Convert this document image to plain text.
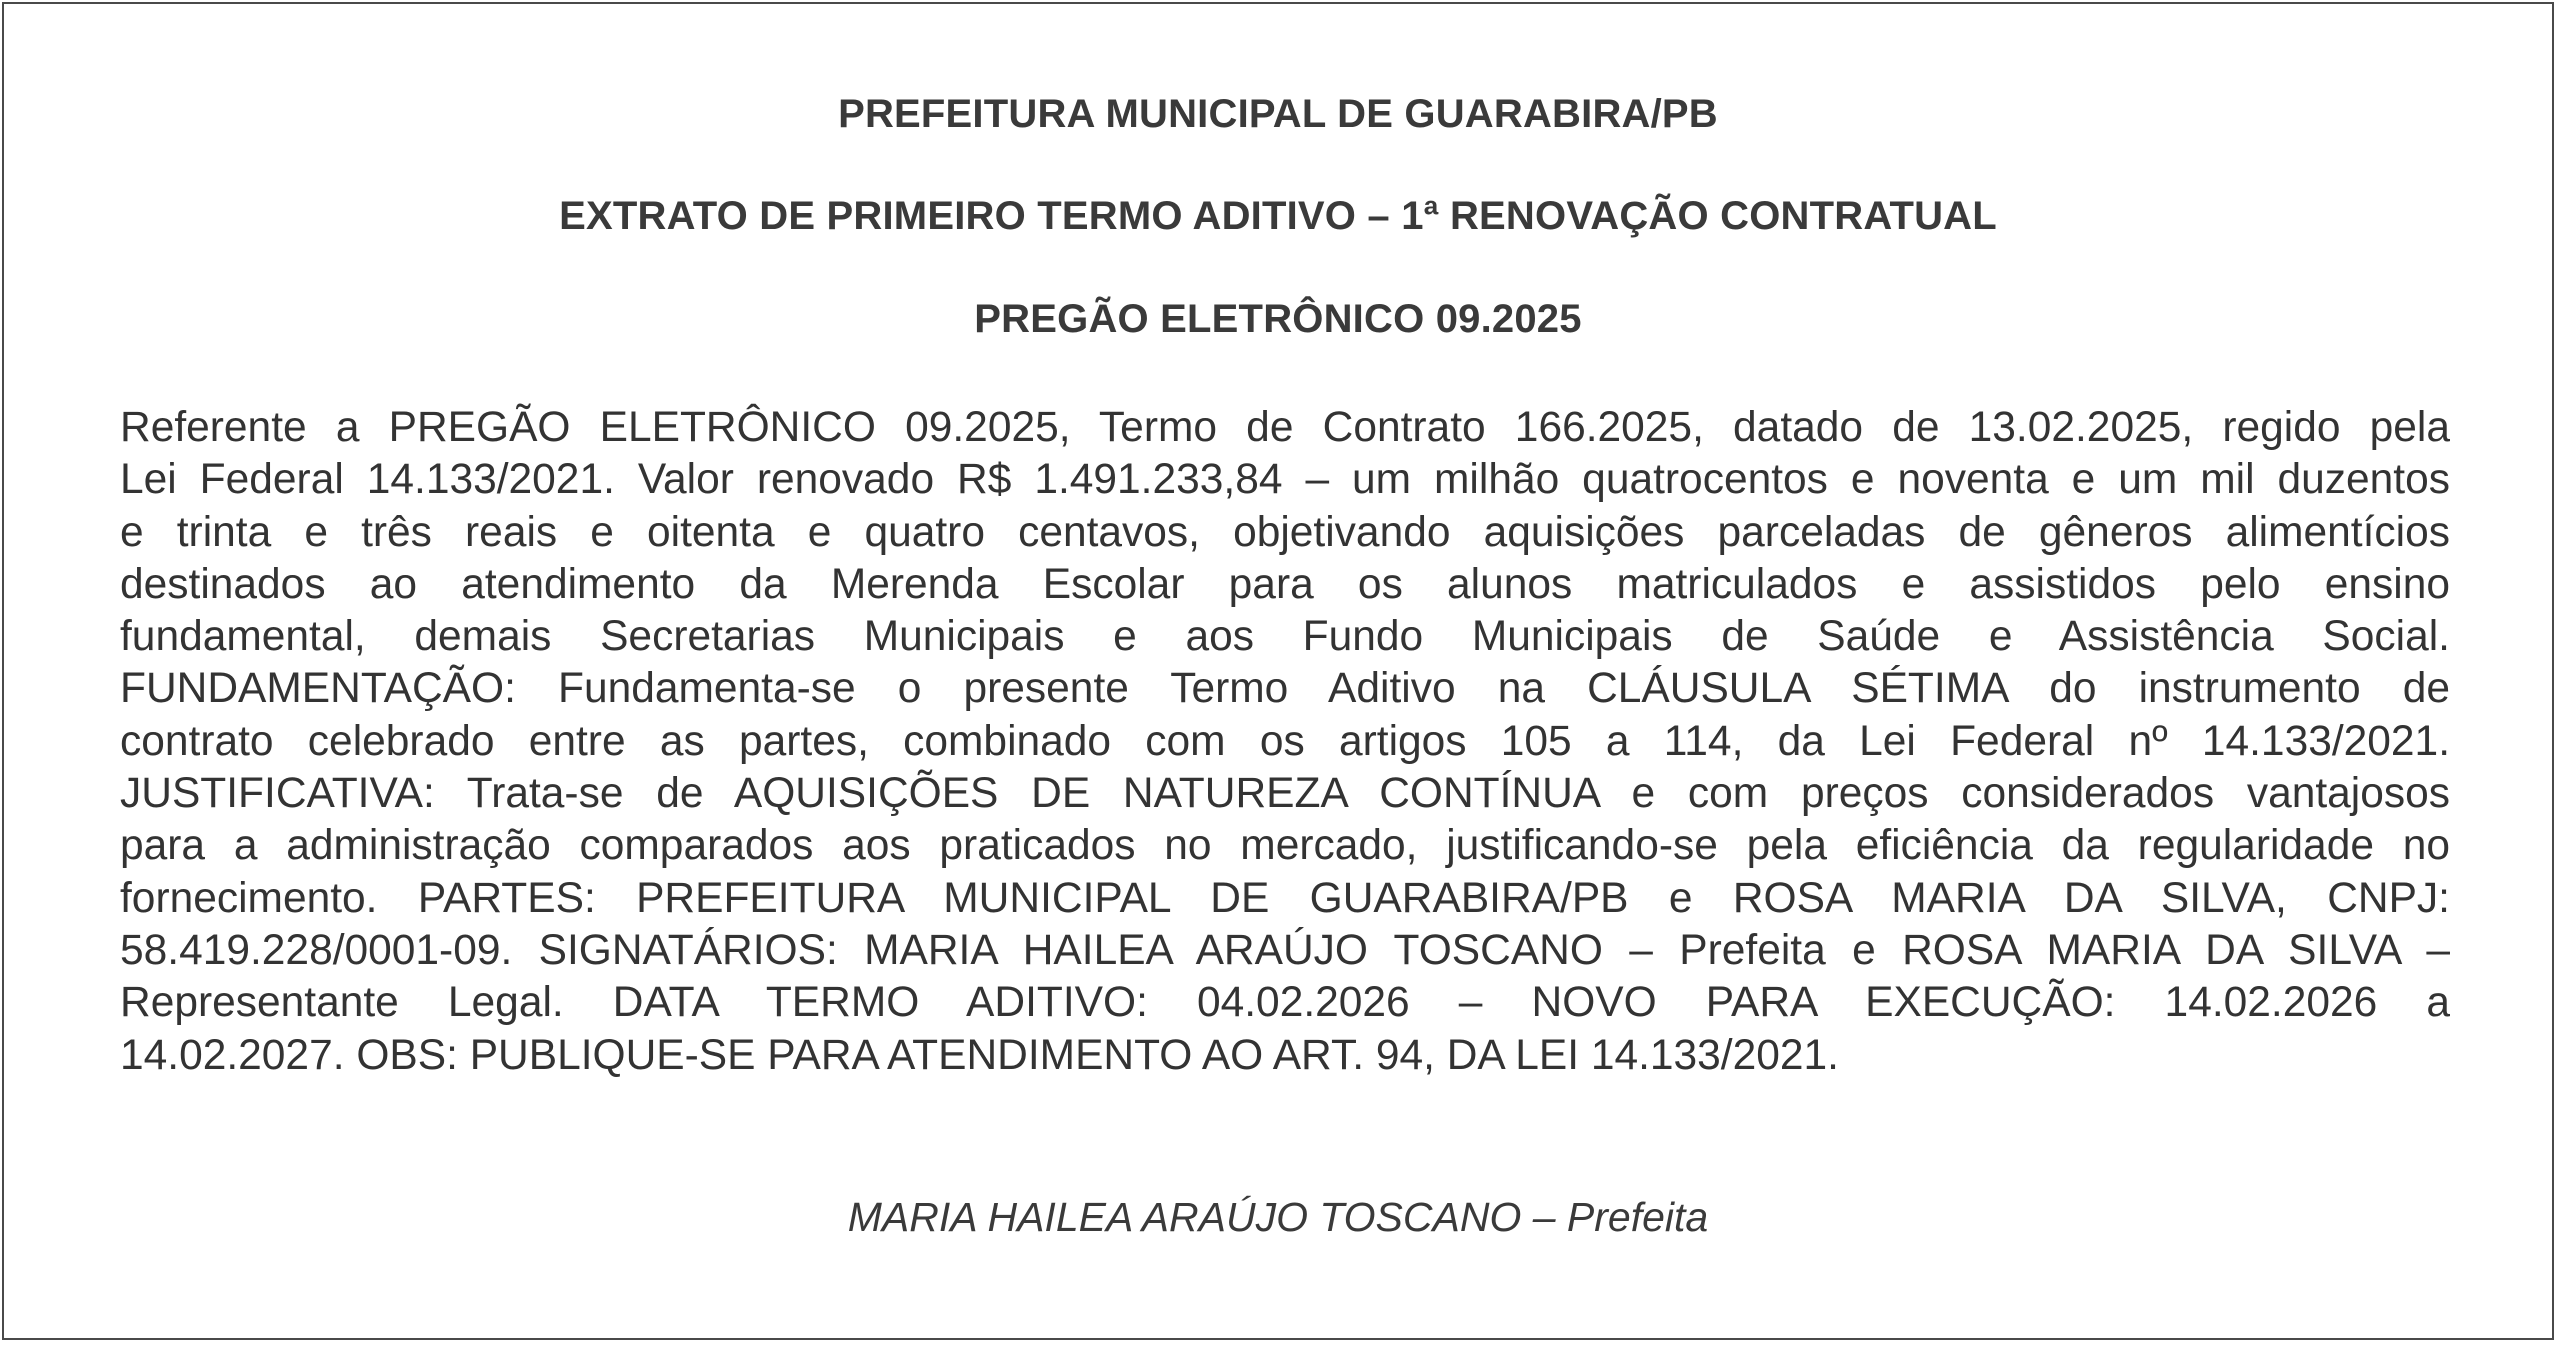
PREFEITURA MUNICIPAL DE GUARABIRA/PB
EXTRATO DE PRIMEIRO TERMO ADITIVO – 1ª RENOVAÇÃO CONTRATUAL
PREGÃO ELETRÔNICO 09.2025
Referente a PREGÃO ELETRÔNICO 09.2025, Termo de Contrato 166.2025, datado de 13.02.2025, regido pela
Lei Federal 14.133/2021. Valor renovado R$ 1.491.233,84 – um milhão quatrocentos e noventa e um mil duzentos
e trinta e três reais e oitenta e quatro centavos, objetivando aquisições parceladas de gêneros alimentícios
destinados ao atendimento da Merenda Escolar para os alunos matriculados e assistidos pelo ensino
fundamental, demais Secretarias Municipais e aos Fundo Municipais de Saúde e Assistência Social.
FUNDAMENTAÇÃO: Fundamenta-se o presente Termo Aditivo na CLÁUSULA SÉTIMA do instrumento de
contrato celebrado entre as partes, combinado com os artigos 105 a 114, da Lei Federal nº 14.133/2021.
JUSTIFICATIVA: Trata-se de AQUISIÇÕES DE NATUREZA CONTÍNUA e com preços considerados vantajosos
para a administração comparados aos praticados no mercado, justificando-se pela eficiência da regularidade no
fornecimento. PARTES: PREFEITURA MUNICIPAL DE GUARABIRA/PB e ROSA MARIA DA SILVA, CNPJ:
58.419.228/0001-09. SIGNATÁRIOS: MARIA HAILEA ARAÚJO TOSCANO – Prefeita e ROSA MARIA DA SILVA –
Representante Legal. DATA TERMO ADITIVO: 04.02.2026 – NOVO PARA EXECUÇÃO: 14.02.2026 a
14.02.2027. OBS: PUBLIQUE-SE PARA ATENDIMENTO AO ART. 94, DA LEI 14.133/2021.
MARIA HAILEA ARAÚJO TOSCANO – Prefeita
